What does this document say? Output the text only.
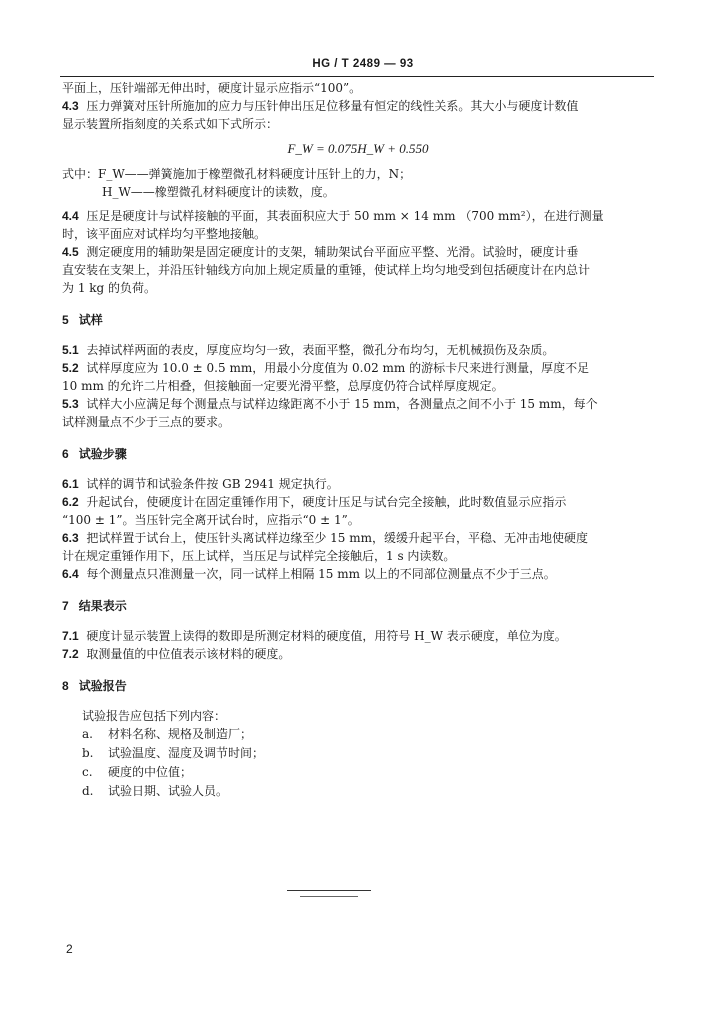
HG / T 2489 — 93

平面上，压针端部无伸出时，硬度计显示应指示“100”。

4.3 压力弹簧对压针所施加的应力与压针伸出压足位移量有恒定的线性关系。其大小与硬度计数值

显示装置所指刻度的关系式如下式所示：

F_W = 0.075H_W + 0.550

式中：F_W——弹簧施加于橡塑微孔材料硬度计压针上的力，N；

H_W——橡塑微孔材料硬度计的读数，度。

4.4 压足是硬度计与试样接触的平面，其表面积应大于 50 mm × 14 mm （700 mm²），在进行测量

时，该平面应对试样均匀平整地接触。

4.5 测定硬度用的辅助架是固定硬度计的支架，辅助架试台平面应平整、光滑。试验时，硬度计垂

直安装在支架上，并沿压针轴线方向加上规定质量的重锤，使试样上均匀地受到包括硬度计在内总计

为 1 kg 的负荷。

5 试样

5.1 去掉试样两面的表皮，厚度应均匀一致，表面平整，微孔分布均匀，无机械损伤及杂质。

5.2 试样厚度应为 10.0 ± 0.5 mm，用最小分度值为 0.02 mm 的游标卡尺来进行测量，厚度不足

10 mm 的允许二片相叠，但接触面一定要光滑平整，总厚度仍符合试样厚度规定。

5.3 试样大小应满足每个测量点与试样边缘距离不小于 15 mm，各测量点之间不小于 15 mm，每个

试样测量点不少于三点的要求。

6 试验步骤

6.1 试样的调节和试验条件按 GB 2941 规定执行。

6.2 升起试台，使硬度计在固定重锤作用下，硬度计压足与试台完全接触，此时数值显示应指示

“100 ± 1”。当压针完全离开试台时，应指示“0 ± 1”。

6.3 把试样置于试台上，使压针头离试样边缘至少 15 mm，缓缓升起平台，平稳、无冲击地使硬度

计在规定重锤作用下，压上试样，当压足与试样完全接触后，1 s 内读数。

6.4 每个测量点只准测量一次，同一试样上相隔 15 mm 以上的不同部位测量点不少于三点。

7 结果表示

7.1 硬度计显示装置上读得的数即是所测定材料的硬度值，用符号 H_W 表示硬度，单位为度。

7.2 取测量值的中位值表示该材料的硬度。

8 试验报告

试验报告应包括下列内容：

a. 材料名称、规格及制造厂；
b. 试验温度、湿度及调节时间；
c. 硬度的中位值；
d. 试验日期、试验人员。
2
